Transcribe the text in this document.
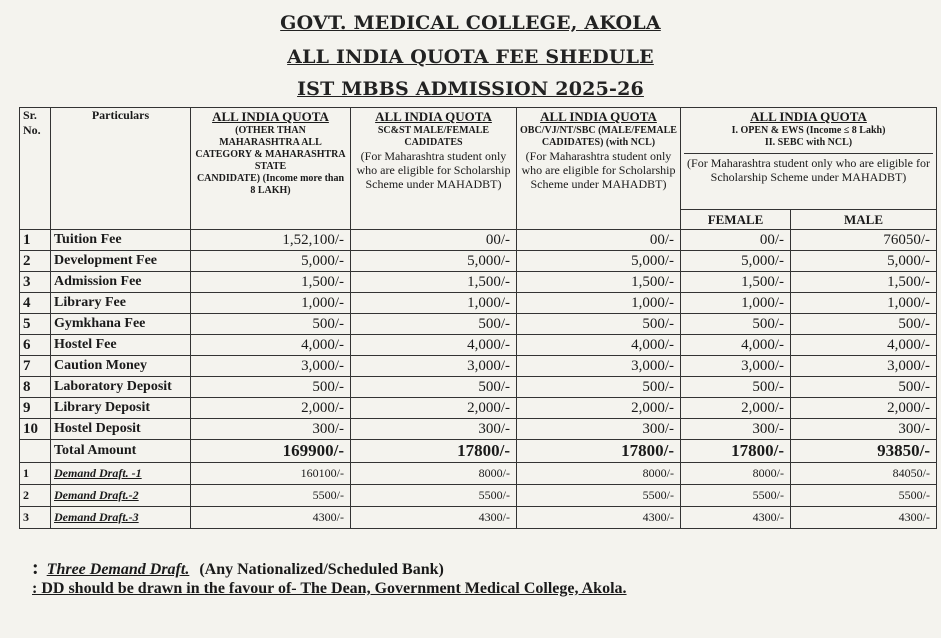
GOVT. MEDICAL COLLEGE, AKOLA
ALL INDIA QUOTA FEE SHEDULE
IST MBBS ADMISSION 2025-26
Sr. No.	Particulars	ALL INDIA QUOTA
(OTHER THAN MAHARASHTRA ALL CATEGORY & MAHARASHTRA STATE
CANDIDATE) (Income more than 8 LAKH)	ALL INDIA QUOTA
SC&ST MALE/FEMALE CADIDATES
(For Maharashtra student only who are eligible for Scholarship Scheme under MAHADBT)	ALL INDIA QUOTA
OBC/VJ/NT/SBC (MALE/FEMALE CADIDATES) (with NCL)
(For Maharashtra student only who are eligible for Scholarship Scheme under MAHADBT)	ALL INDIA QUOTA
I. OPEN & EWS (Income ≤ 8 Lakh)
II. SEBC with NCL)
(For Maharashtra student only who are eligible for Scholarship Scheme under MAHADBT)	

					FEMALE	MALE
1	Tuition Fee	1,52,100/-	00/-	00/-	00/-	76050/-
2	Development Fee	5,000/-	5,000/-	5,000/-	5,000/-	5,000/-
3	Admission Fee	1,500/-	1,500/-	1,500/-	1,500/-	1,500/-
4	Library Fee	1,000/-	1,000/-	1,000/-	1,000/-	1,000/-
5	Gymkhana Fee	500/-	500/-	500/-	500/-	500/-
6	Hostel Fee	4,000/-	4,000/-	4,000/-	4,000/-	4,000/-
7	Caution Money	3,000/-	3,000/-	3,000/-	3,000/-	3,000/-
8	Laboratory Deposit	500/-	500/-	500/-	500/-	500/-
9	Library Deposit	2,000/-	2,000/-	2,000/-	2,000/-	2,000/-
10	Hostel Deposit	300/-	300/-	300/-	300/-	300/-
	Total Amount	169900/-	17800/-	17800/-	17800/-	93850/-
1	Demand Draft. -1	160100/-	8000/-	8000/-	8000/-	84050/-
2	Demand Draft.-2	5500/-	5500/-	5500/-	5500/-	5500/-
3	Demand Draft.-3	4300/-	4300/-	4300/-	4300/-	4300/-
: Three Demand Draft. (Any Nationalized/Scheduled Bank)
: DD should be drawn in the favour of- The Dean, Government Medical College, Akola.
